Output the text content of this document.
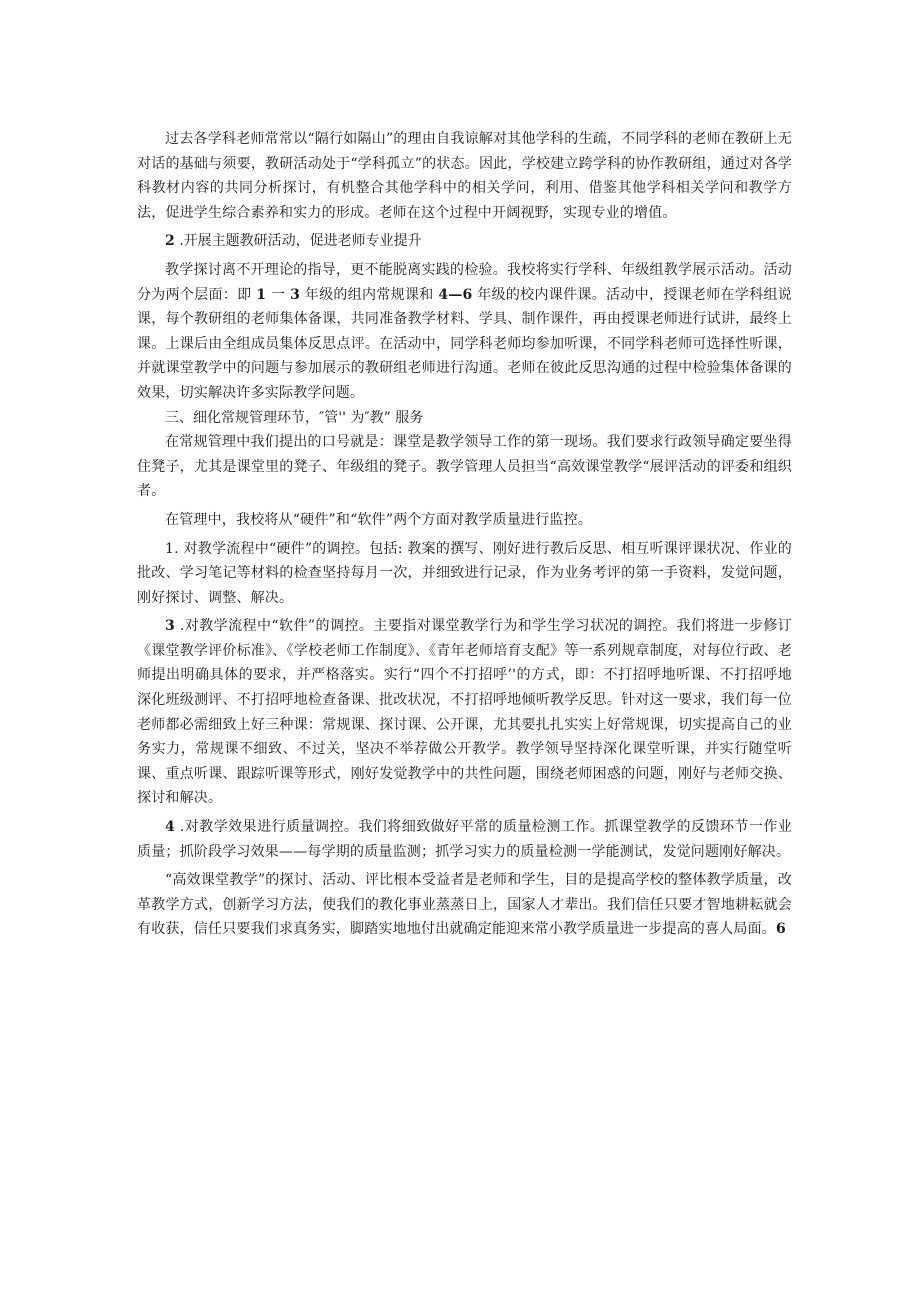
过去各学科老师常常以“隔行如隔山”的理由自我谅解对其他学科的生疏，不同学科的老师在教研上无对话的基础与须要，教研活动处于“学科孤立”的状态。因此，学校建立跨学科的协作教研组，通过对各学科教材内容的共同分析探讨，有机整合其他学科中的相关学问，利用、借鉴其他学科相关学问和教学方法，促进学生综合素养和实力的形成。老师在这个过程中开阔视野，实现专业的增值。

2 .开展主题教研活动，促进老师专业提升

教学探讨离不开理论的指导，更不能脱离实践的检验。我校将实行学科、年级组教学展示活动。活动分为两个层面：即 1 一 3 年级的组内常规课和 4—6 年级的校内课件课。活动中，授课老师在学科组说课，每个教研组的老师集体备课，共同准备教学材料、学具、制作课件，再由授课老师进行试讲，最终上课。上课后由全组成员集体反思点评。在活动中，同学科老师均参加听课，不同学科老师可选择性听课，并就课堂教学中的问题与参加展示的教研组老师进行沟通。老师在彼此反思沟通的过程中检验集体备课的效果，切实解决许多实际教学问题。

三、细化常规管理环节，″管'' 为″教” 服务

在常规管理中我们提出的口号就是：课堂是教学领导工作的第一现场。我们要求行政领导确定要坐得住凳子，尤其是课堂里的凳子、年级组的凳子。教学管理人员担当“高效课堂教学“展评活动的评委和组织者。

在管理中，我校将从“硬件”和“软件”两个方面对教学质量进行监控。

1. 对教学流程中“硬件”的调控。包括: 教案的撰写、刚好进行教后反思、相互听课评课状况、作业的批改、学习笔记等材料的检查坚持每月一次，并细致进行记录，作为业务考评的第一手资料，发觉问题，刚好探讨、调整、解决。

3 .对教学流程中“软件”的调控。主要指对课堂教学行为和学生学习状况的调控。我们将进一步修订《课堂教学评价标准》、《学校老师工作制度》、《青年老师培育支配》等一系列规章制度，对每位行政、老师提出明确具体的要求，并严格落实。实行“四个不打招呼’'的方式，即：不打招呼地听课、不打招呼地深化班级测评、不打招呼地检查备课、批改状况，不打招呼地倾听教学反思。针对这一要求，我们每一位老师都必需细致上好三种课：常规课、探讨课、公开课，尤其要扎扎实实上好常规课，切实提高自己的业务实力，常规课不细致、不过关，坚决不举荐做公开教学。教学领导坚持深化课堂听课，并实行随堂听课、重点听课、跟踪听课等形式，刚好发觉教学中的共性问题，围绕老师困惑的问题，刚好与老师交换、探讨和解决。

4 .对教学效果进行质量调控。我们将细致做好平常的质量检测工作。抓课堂教学的反馈环节一作业质量；抓阶段学习效果——每学期的质量监测；抓学习实力的质量检测一学能测试，发觉问题刚好解决。

“高效课堂教学”的探讨、活动、评比根本受益者是老师和学生，目的是提高学校的整体教学质量，改革教学方式，创新学习方法，使我们的教化事业蒸蒸日上，国家人才辈出。我们信任只要才智地耕耘就会有收获，信任只要我们求真务实，脚踏实地地付出就确定能迎来常小教学质量进一步提高的喜人局面。6
